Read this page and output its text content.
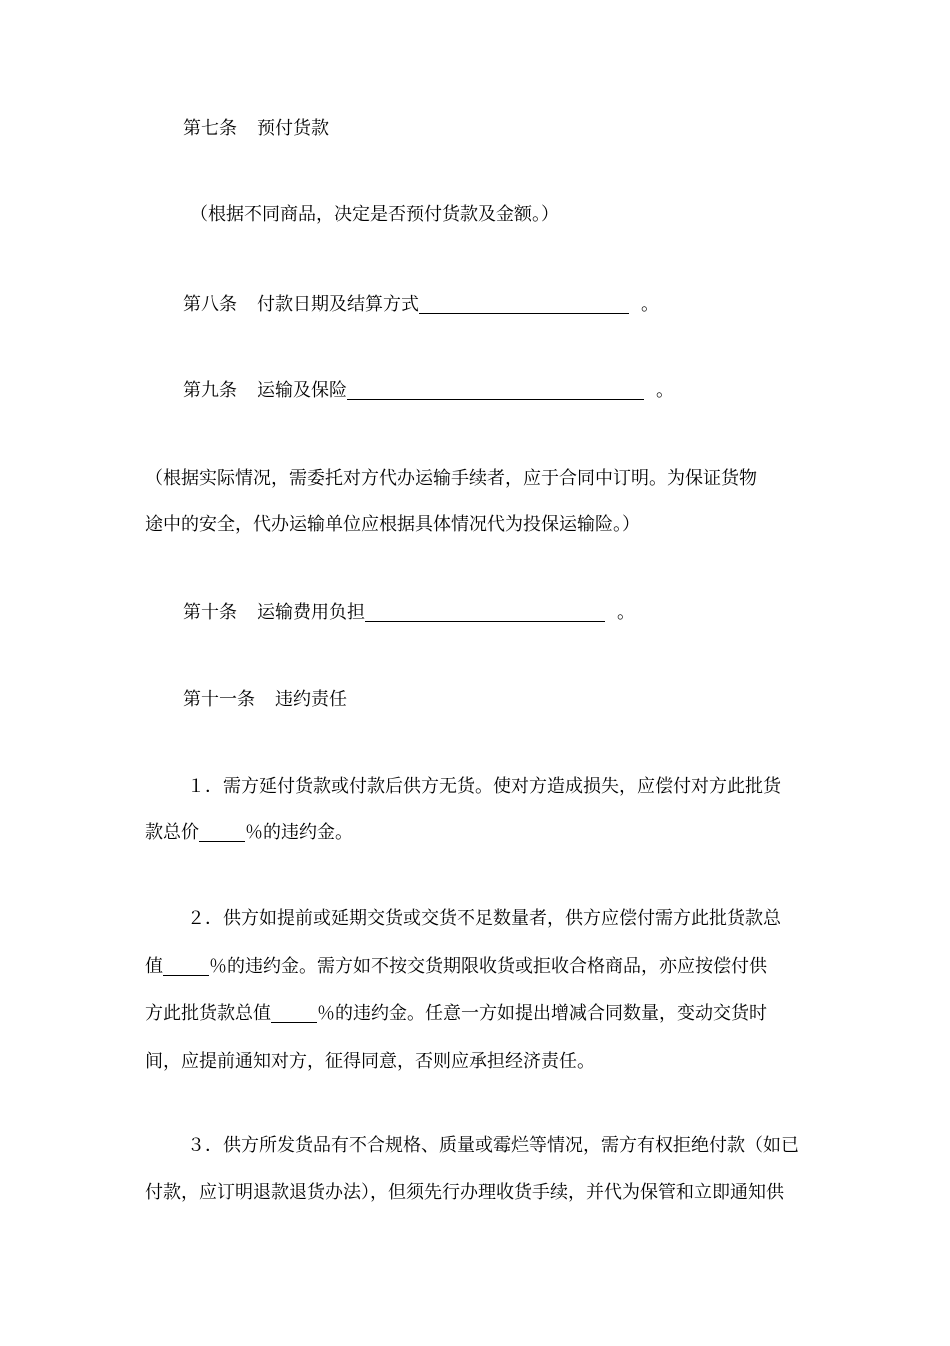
第七条 预付货款

（根据不同商品，决定是否预付货款及金额。）

第八条 付款日期及结算方式	。

第九条 运输及保险	。

（根据实际情况，需委托对方代办运输手续者，应于合同中订明。为保证货物

途中的安全，代办运输单位应根据具体情况代为投保运输险。）

第十条 运输费用负担	。

第十一条 违约责任

１．需方延付货款或付款后供方无货。使对方造成损失，应偿付对方此批货

款总价	％的违约金。

２．供方如提前或延期交货或交货不足数量者，供方应偿付需方此批货款总

值	％的违约金。需方如不按交货期限收货或拒收合格商品，亦应按偿付供

方此批货款总值	％的违约金。任意一方如提出增减合同数量，变动交货时

间，应提前通知对方，征得同意，否则应承担经济责任。

３．供方所发货品有不合规格、质量或霉烂等情况，需方有权拒绝付款（如已

付款，应订明退款退货办法），但须先行办理收货手续，并代为保管和立即通知供
